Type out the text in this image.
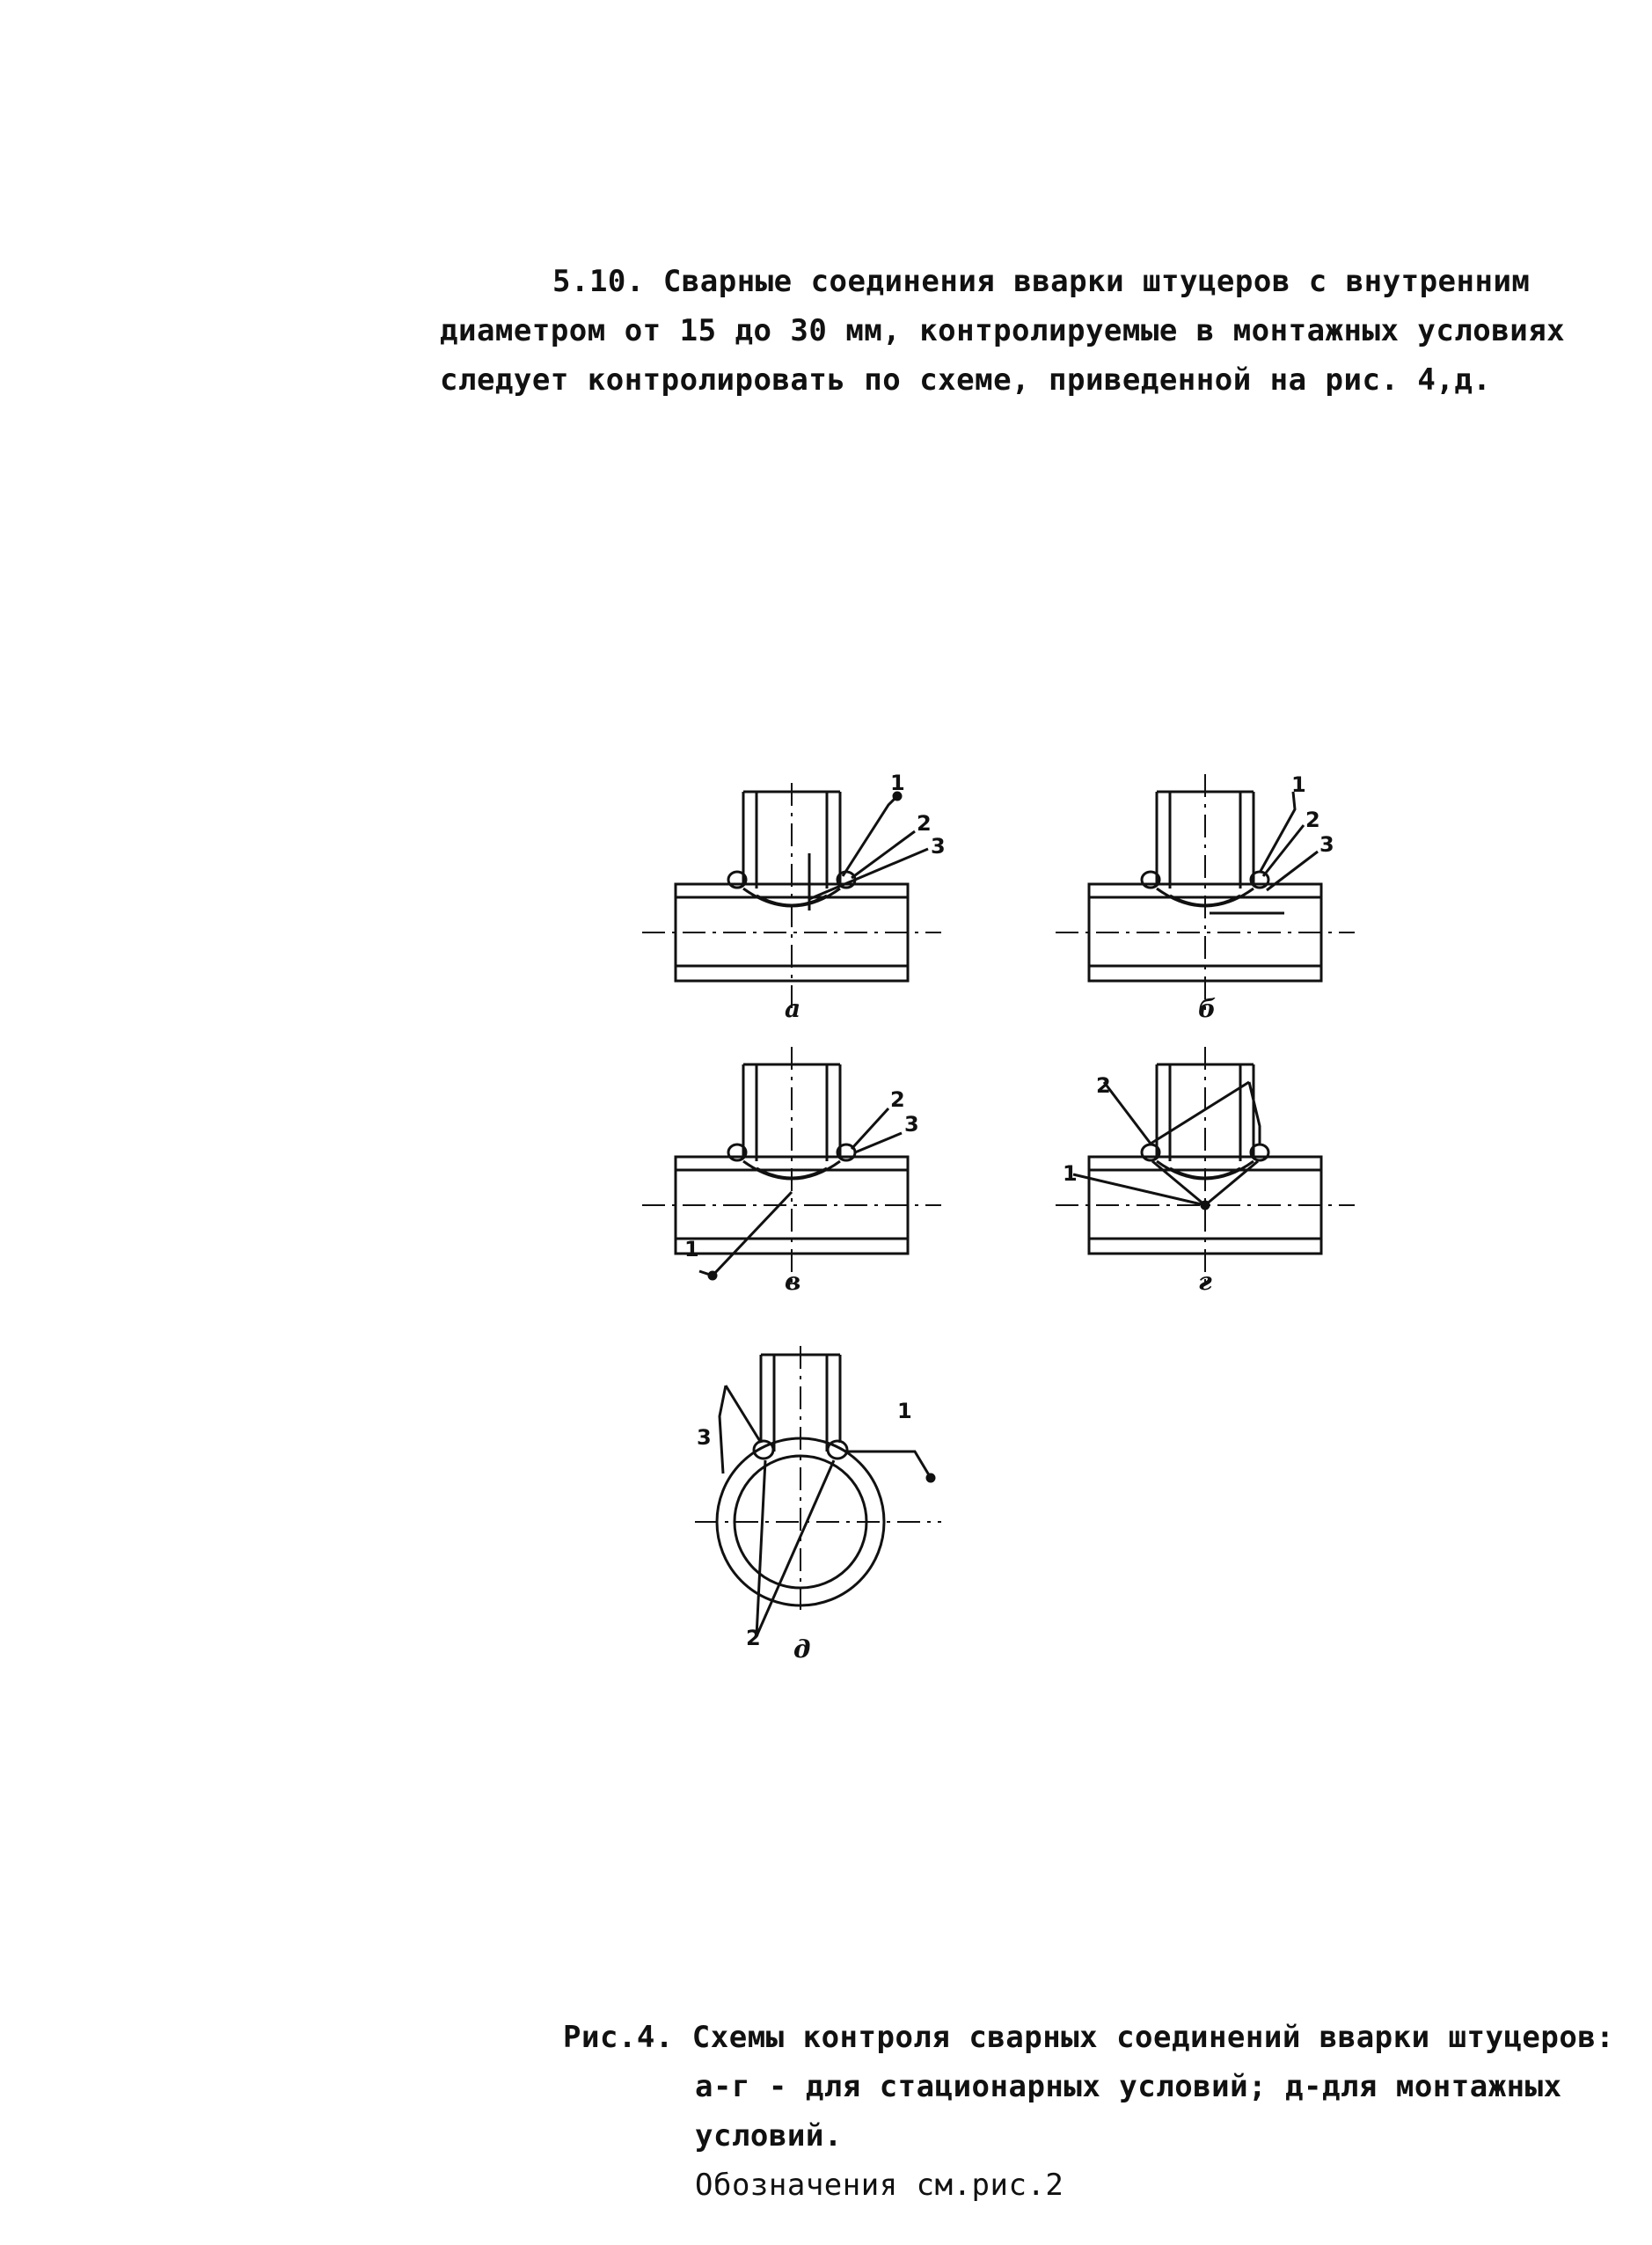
5.10. Сварные соединения вварки штуцеров с внутренним
диаметром от 15 до 30 мм, контролируемые в монтажных условиях
следует контролировать по схеме, приведенной на рис. 4,д.
1
2
3
а
1
2
3
б
2
3
1
в
2
1
г
3
1
2 д
Рис.4. Схемы контроля сварных соединений вварки штуцеров:
а-г - для стационарных условий; д-для монтажных
условий.
Обозначения см.рис.2
